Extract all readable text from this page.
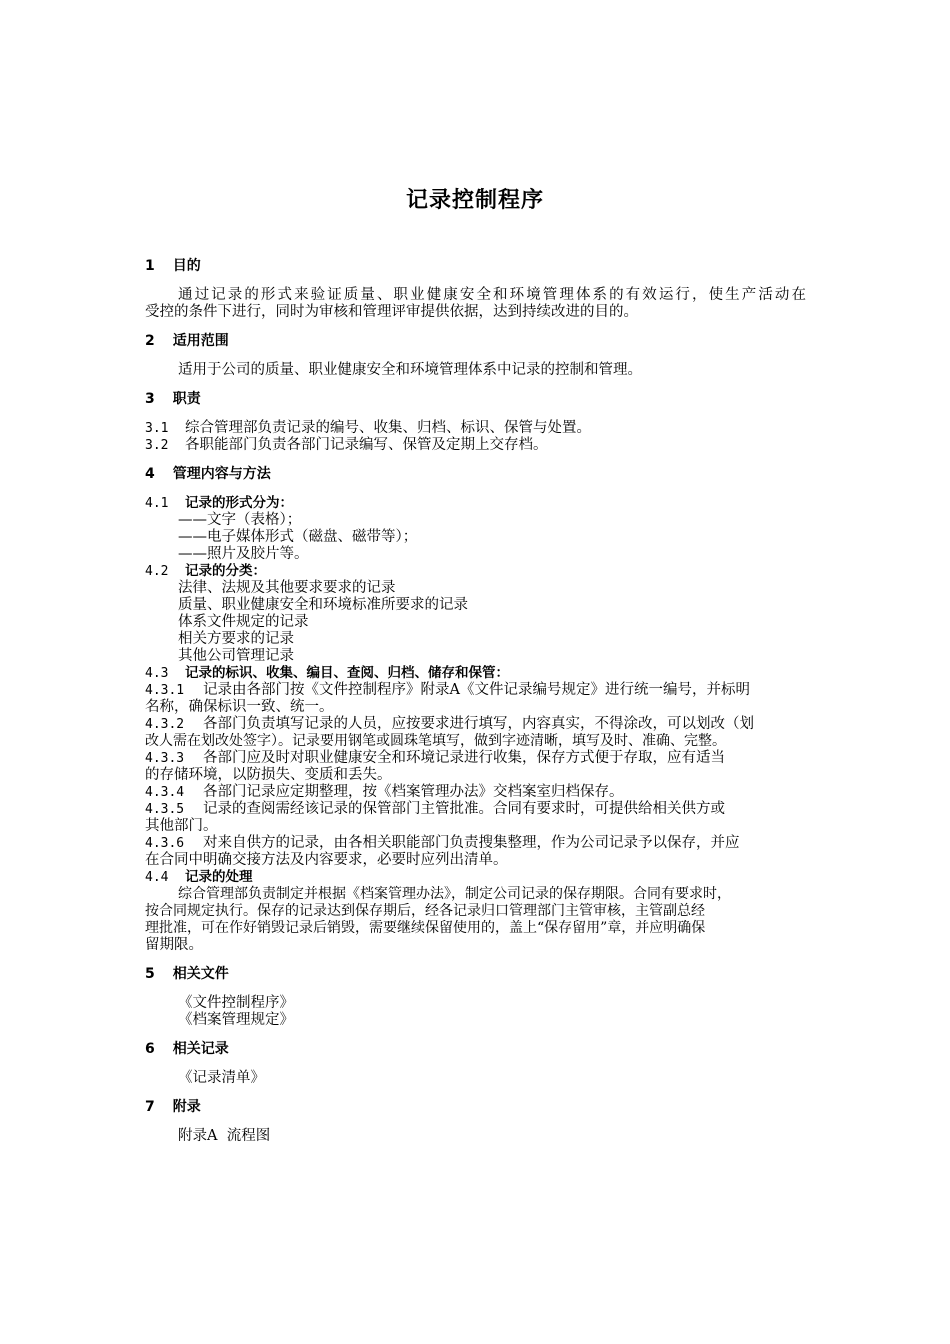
记录控制程序
1 目的
通过记录的形式来验证质量、职业健康安全和环境管理体系的有效运行，使生产活动在
受控的条件下进行，同时为审核和管理评审提供依据，达到持续改进的目的。
2 适用范围
适用于公司的质量、职业健康安全和环境管理体系中记录的控制和管理。
3 职责
3.1 综合管理部负责记录的编号、收集、归档、标识、保管与处置。
3.2 各职能部门负责各部门记录编写、保管及定期上交存档。
4 管理内容与方法
4.1 记录的形式分为：
——文字（表格）；
——电子媒体形式（磁盘、磁带等）；
——照片及胶片等。
4.2 记录的分类：
法律、法规及其他要求要求的记录
质量、职业健康安全和环境标准所要求的记录
体系文件规定的记录
相关方要求的记录
其他公司管理记录
4.3 记录的标识、收集、编目、查阅、归档、储存和保管：
4.3.1 记录由各部门按《文件控制程序》附录A《文件记录编号规定》进行统一编号，并标明
名称，确保标识一致、统一。
4.3.2 各部门负责填写记录的人员，应按要求进行填写，内容真实，不得涂改，可以划改（划
改人需在划改处签字）。记录要用钢笔或圆珠笔填写，做到字迹清晰，填写及时、准确、完整。
4.3.3 各部门应及时对职业健康安全和环境记录进行收集，保存方式便于存取，应有适当
的存储环境，以防损失、变质和丢失。
4.3.4 各部门记录应定期整理，按《档案管理办法》交档案室归档保存。
4.3.5 记录的查阅需经该记录的保管部门主管批准。合同有要求时，可提供给相关供方或
其他部门。
4.3.6 对来自供方的记录，由各相关职能部门负责搜集整理，作为公司记录予以保存，并应
在合同中明确交接方法及内容要求，必要时应列出清单。
4.4 记录的处理
综合管理部负责制定并根据《档案管理办法》，制定公司记录的保存期限。合同有要求时，
按合同规定执行。保存的记录达到保存期后，经各记录归口管理部门主管审核，主管副总经
理批准，可在作好销毁记录后销毁，需要继续保留使用的，盖上“保存留用”章，并应明确保
留期限。
5 相关文件
《文件控制程序》
《档案管理规定》
6 相关记录
《记录清单》
7 附录
附录A  流程图
